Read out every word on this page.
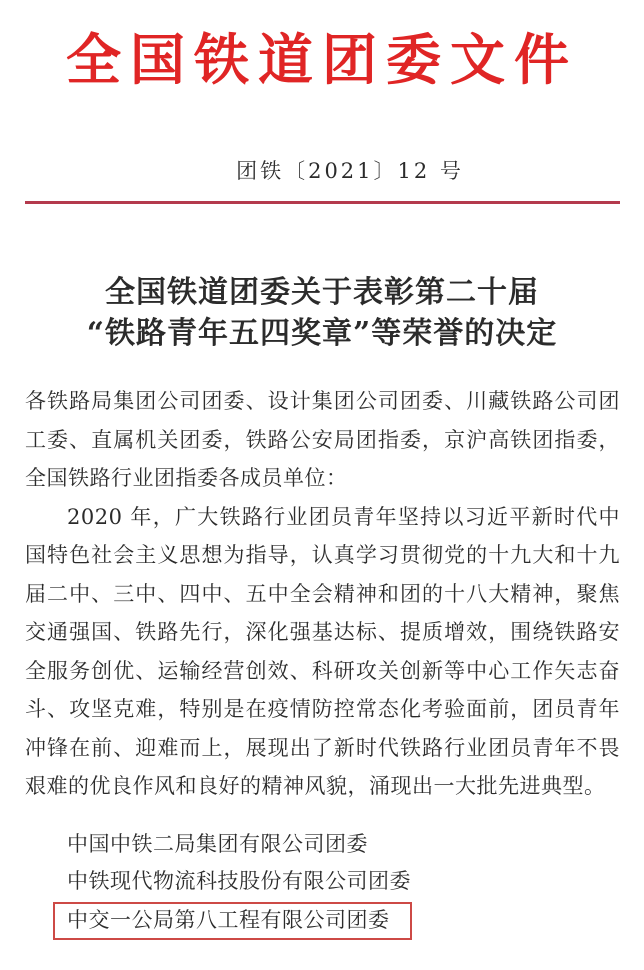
全国铁道团委文件
团铁〔2021〕12 号
全国铁道团委关于表彰第二十届
“铁路青年五四奖章”等荣誉的决定

各铁路局集团公司团委、设计集团公司团委、川藏铁路公司团工委、直属机关团委，铁路公安局团指委，京沪高铁团指委，全国铁路行业团指委各成员单位：

2020 年，广大铁路行业团员青年坚持以习近平新时代中国特色社会主义思想为指导，认真学习贯彻党的十九大和十九届二中、三中、四中、五中全会精神和团的十八大精神，聚焦交通强国、铁路先行，深化强基达标、提质增效，围绕铁路安全服务创优、运输经营创效、科研攻关创新等中心工作矢志奋斗、攻坚克难，特别是在疫情防控常态化考验面前，团员青年冲锋在前、迎难而上，展现出了新时代铁路行业团员青年不畏艰难的优良作风和良好的精神风貌，涌现出一大批先进典型。

中国中铁二局集团有限公司团委
中铁现代物流科技股份有限公司团委
中交一公局第八工程有限公司团委
